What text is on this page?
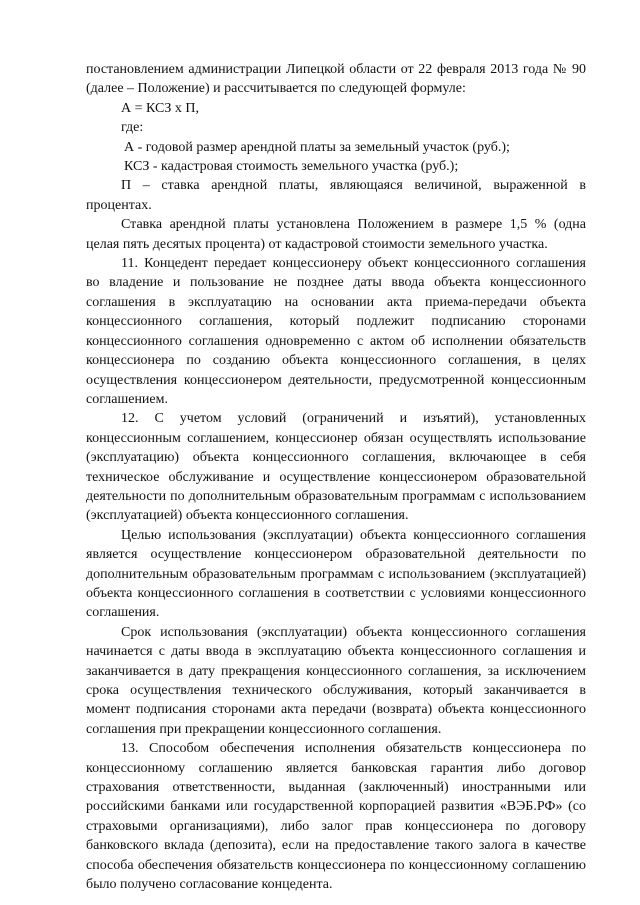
постановлением администрации Липецкой области от 22 февраля 2013 года № 90 (далее – Положение) и рассчитывается по следующей формуле:

А = КСЗ х П,

где:

А - годовой размер арендной платы за земельный участок (руб.);

КСЗ - кадастровая стоимость земельного участка (руб.);

П – ставка арендной платы, являющаяся величиной, выраженной в процентах.

Ставка арендной платы установлена Положением в размере 1,5 % (одна целая пять десятых процента) от кадастровой стоимости земельного участка.

11. Концедент передает концессионеру объект концессионного соглашения во владение и пользование не позднее даты ввода объекта концессионного соглашения в эксплуатацию на основании акта приема-передачи объекта концессионного соглашения, который подлежит подписанию сторонами концессионного соглашения одновременно с актом об исполнении обязательств концессионера по созданию объекта концессионного соглашения, в целях осуществления концессионером деятельности, предусмотренной концессионным соглашением.

12. С учетом условий (ограничений и изъятий), установленных концессионным соглашением, концессионер обязан осуществлять использование (эксплуатацию) объекта концессионного соглашения, включающее в себя техническое обслуживание и осуществление концессионером образовательной деятельности по дополнительным образовательным программам с использованием (эксплуатацией) объекта концессионного соглашения.

Целью использования (эксплуатации) объекта концессионного соглашения является осуществление концессионером образовательной деятельности по дополнительным образовательным программам с использованием (эксплуатацией) объекта концессионного соглашения в соответствии с условиями концессионного соглашения.

Срок использования (эксплуатации) объекта концессионного соглашения начинается с даты ввода в эксплуатацию объекта концессионного соглашения и заканчивается в дату прекращения концессионного соглашения, за исключением срока осуществления технического обслуживания, который заканчивается в момент подписания сторонами акта передачи (возврата) объекта концессионного соглашения при прекращении концессионного соглашения.

13. Способом обеспечения исполнения обязательств концессионера по концессионному соглашению является банковская гарантия либо договор страхования ответственности, выданная (заключенный) иностранными или российскими банками или государственной корпорацией развития «ВЭБ.РФ» (со страховыми организациями), либо залог прав концессионера по договору банковского вклада (депозита), если на предоставление такого залога в качестве способа обеспечения обязательств концессионера по концессионному соглашению было получено согласование концедента.
